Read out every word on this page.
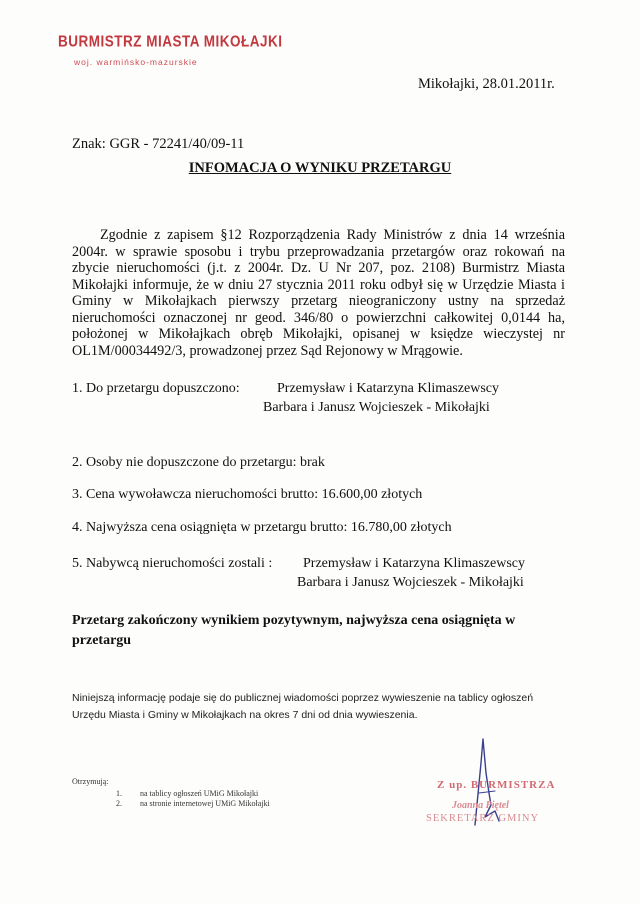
BURMISTRZ MIASTA MIKOŁAJKI
woj. warmińsko-mazurskie
Mikołajki, 28.01.2011r.
Znak: GGR - 72241/40/09-11
INFOMACJA O WYNIKU PRZETARGU

Zgodnie z zapisem §12 Rozporządzenia Rady Ministrów z dnia 14 września 2004r. w sprawie sposobu i trybu przeprowadzania przetargów oraz rokowań na zbycie nieruchomości (j.t. z 2004r. Dz. U Nr 207, poz. 2108) Burmistrz Miasta Mikołajki informuje, że w dniu 27 stycznia 2011 roku odbył się w Urzędzie Miasta i Gminy w Mikołajkach pierwszy przetarg nieograniczony ustny na sprzedaż nieruchomości oznaczonej nr geod. 346/80 o powierzchni całkowitej 0,0144 ha, położonej w Mikołajkach obręb Mikołajki, opisanej w księdze wieczystej nr OL1M/00034492/3, prowadzonej przez Sąd Rejonowy w Mrągowie.

1. Do przetargu dopuszczono:	Przemysław i Katarzyna Klimaszewscy
Barbara i Janusz Wojcieszek - Mikołajki
2. Osoby nie dopuszczone do przetargu: brak
3. Cena wywoławcza nieruchomości brutto: 16.600,00 złotych
4. Najwyższa cena osiągnięta w przetargu brutto: 16.780,00 złotych
5. Nabywcą nieruchomości zostali : Przemysław i Katarzyna Klimaszewscy
Barbara i Janusz Wojcieszek - Mikołajki
Przetarg zakończony wynikiem pozytywnym, najwyższa cena osiągnięta w przetargu
Niniejszą informację podaje się do publicznej wiadomości poprzez wywieszenie na tablicy ogłoszeń Urzędu Miasta i Gminy w Mikołajkach na okres 7 dni od dnia wywieszenia.
Otrzymują:
1. na tablicy ogłoszeń UMiG Mikołajki
2. na stronie internetowej UMiG Mikołajki
Z up. BURMISTRZA
Joanna Piętel
SEKRETARZ GMINY
